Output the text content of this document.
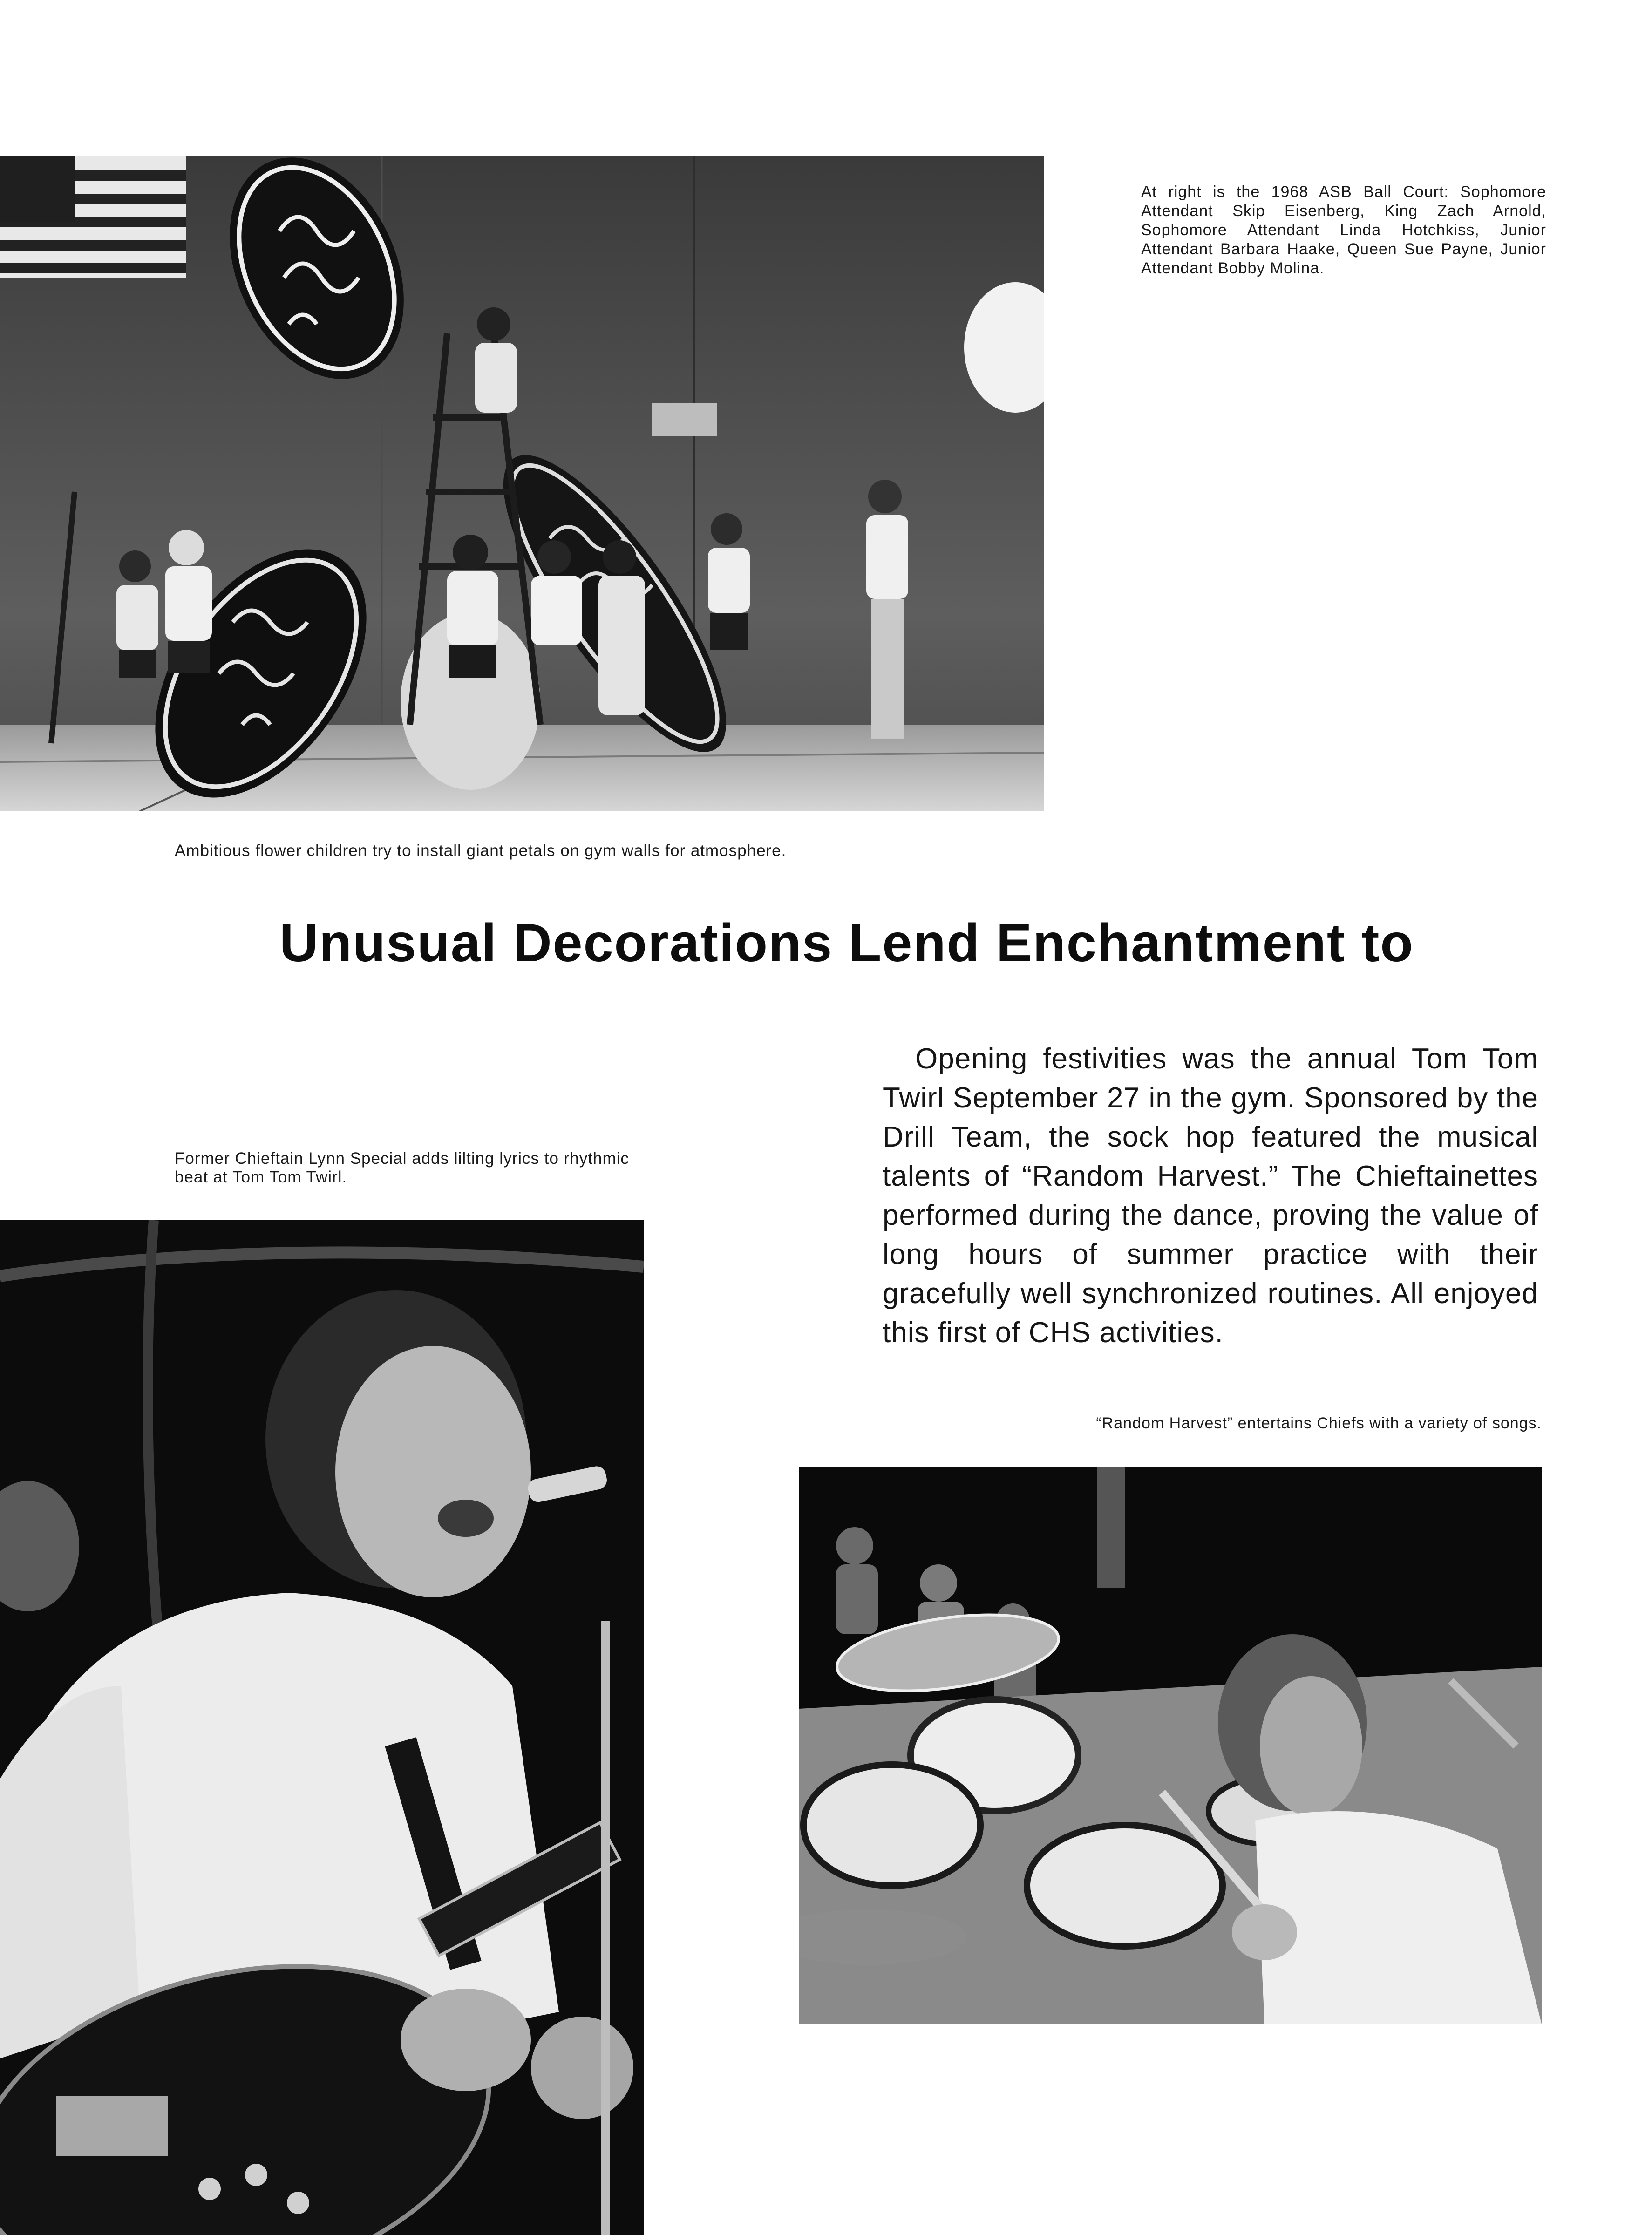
At right is the 1968 ASB Ball Court: Sophomore Attendant Skip Eisenberg, King Zach Arnold, Sophomore Attendant Linda Hotchkiss, Junior Attendant Barbara Haake, Queen Sue Payne, Junior Attendant Bobby Molina.

Ambitious flower children try to install giant petals on gym walls for atmosphere.

Unusual Decorations Lend Enchantment to

Opening festivities was the annual Tom Tom Twirl September 27 in the gym. Sponsored by the Drill Team, the sock hop featured the musical talents of “Random Harvest.” The Chieftainettes performed during the dance, proving the value of long hours of summer practice with their gracefully well synchronized routines. All enjoyed this first of CHS activities.

Former Chieftain Lynn Special adds lilting lyrics to rhythmic beat at Tom Tom Twirl.

“Random Harvest” entertains Chiefs with a variety of songs.
